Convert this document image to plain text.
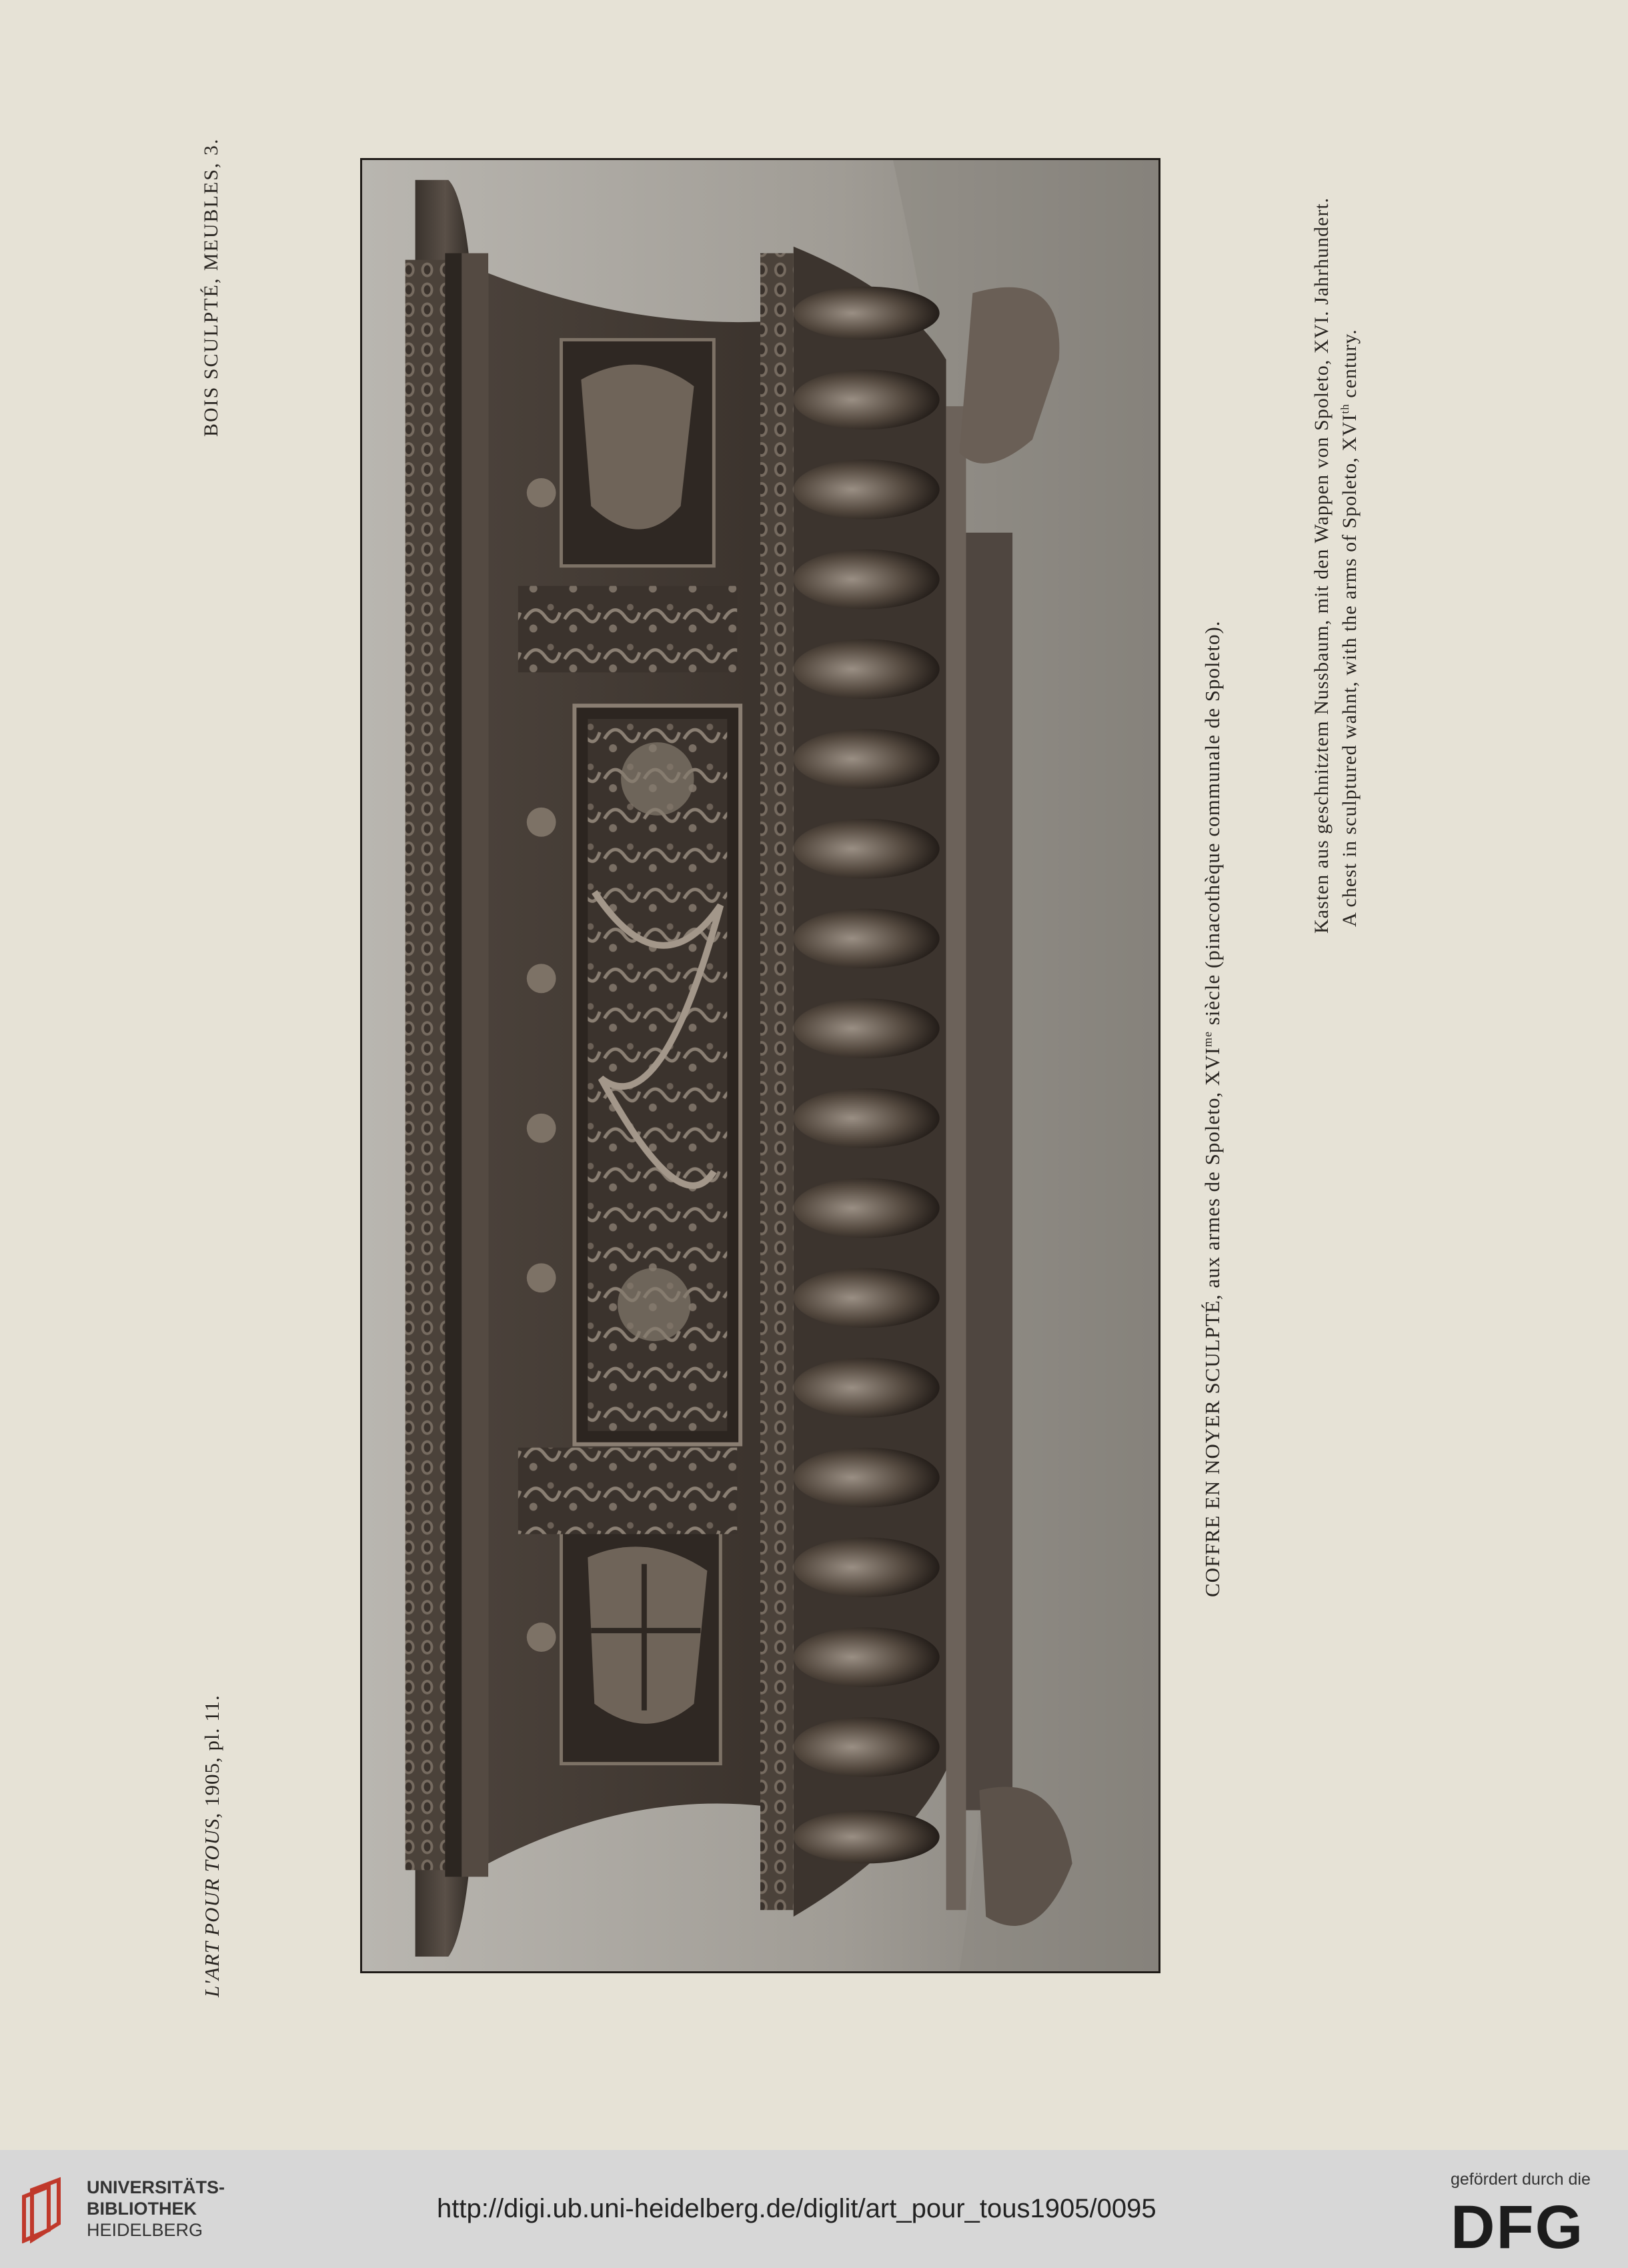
BOIS SCULPTÉ, MEUBLES, 3.
L'ART POUR TOUS, 1905, pl. 11.
COFFRE EN NOYER SCULPTÉ, aux armes de Spoleto, $XVI^{me}$ siècle (pinacothèque communale de Spoleto).	Kasten aus geschnitztem Nussbaum, mit den Wappen von Spoleto, XVI. Jahrhundert. A chest in sculptured wahnt, with the arms of Spoleto, XVIth century.
UNIVERSITÄTS-
BIBLIOTHEK
HEIDELBERG
http://digi.ub.uni-heidelberg.de/diglit/art_pour_tous1905/0095
gefördert durch die
DFG
